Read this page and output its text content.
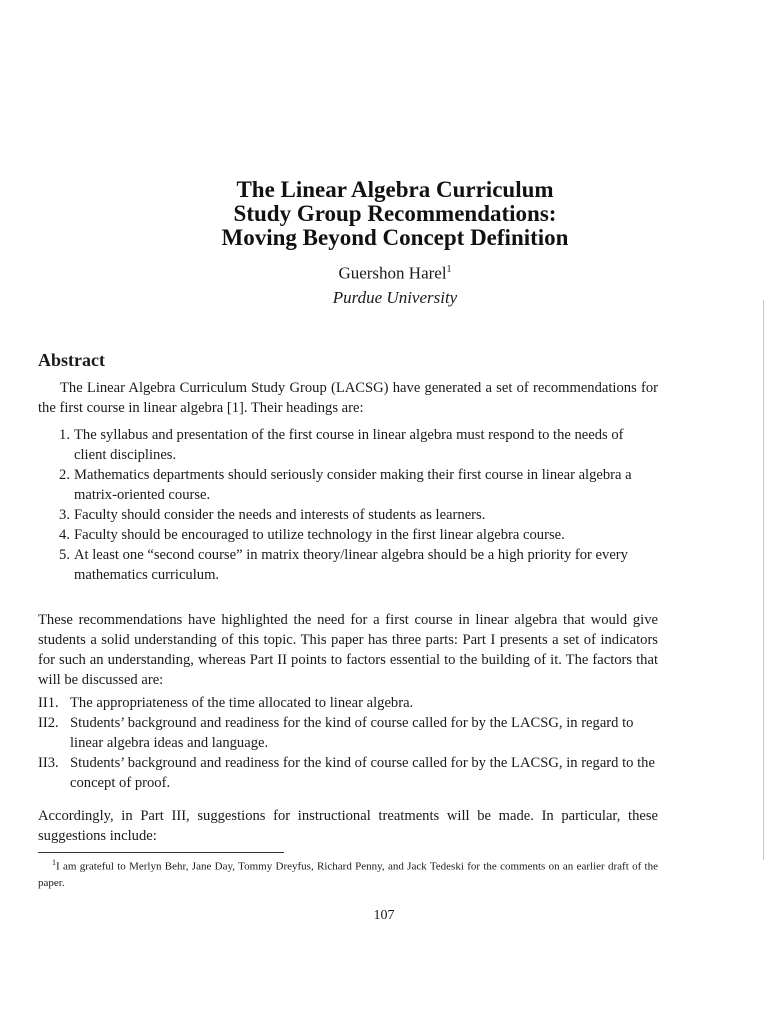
The Linear Algebra Curriculum
Study Group Recommendations:
Moving Beyond Concept Definition
Guershon Harel$^1$
Purdue University
Abstract
The Linear Algebra Curriculum Study Group (LACSG) have generated a set of recommendations for the first course in linear algebra [1]. Their headings are:
1. The syllabus and presentation of the first course in linear algebra must respond to the needs of client disciplines.
2. Mathematics departments should seriously consider making their first course in linear algebra a matrix-oriented course.
3. Faculty should consider the needs and interests of students as learners.
4. Faculty should be encouraged to utilize technology in the first linear algebra course.
5. At least one “second course” in matrix theory/linear algebra should be a high priority for every mathematics curriculum.
These recommendations have highlighted the need for a first course in linear algebra that would give students a solid understanding of this topic. This paper has three parts: Part I presents a set of indicators for such an understanding, whereas Part II points to factors essential to the building of it. The factors that will be discussed are:
II1. The appropriateness of the time allocated to linear algebra.
II2. Students’ background and readiness for the kind of course called for by the LACSG, in regard to linear algebra ideas and language.
II3. Students’ background and readiness for the kind of course called for by the LACSG, in regard to the concept of proof.
Accordingly, in Part III, suggestions for instructional treatments will be made. In particular, these suggestions include:
$^1$I am grateful to Merlyn Behr, Jane Day, Tommy Dreyfus, Richard Penny, and Jack Tedeski for the comments on an earlier draft of the paper.
107
